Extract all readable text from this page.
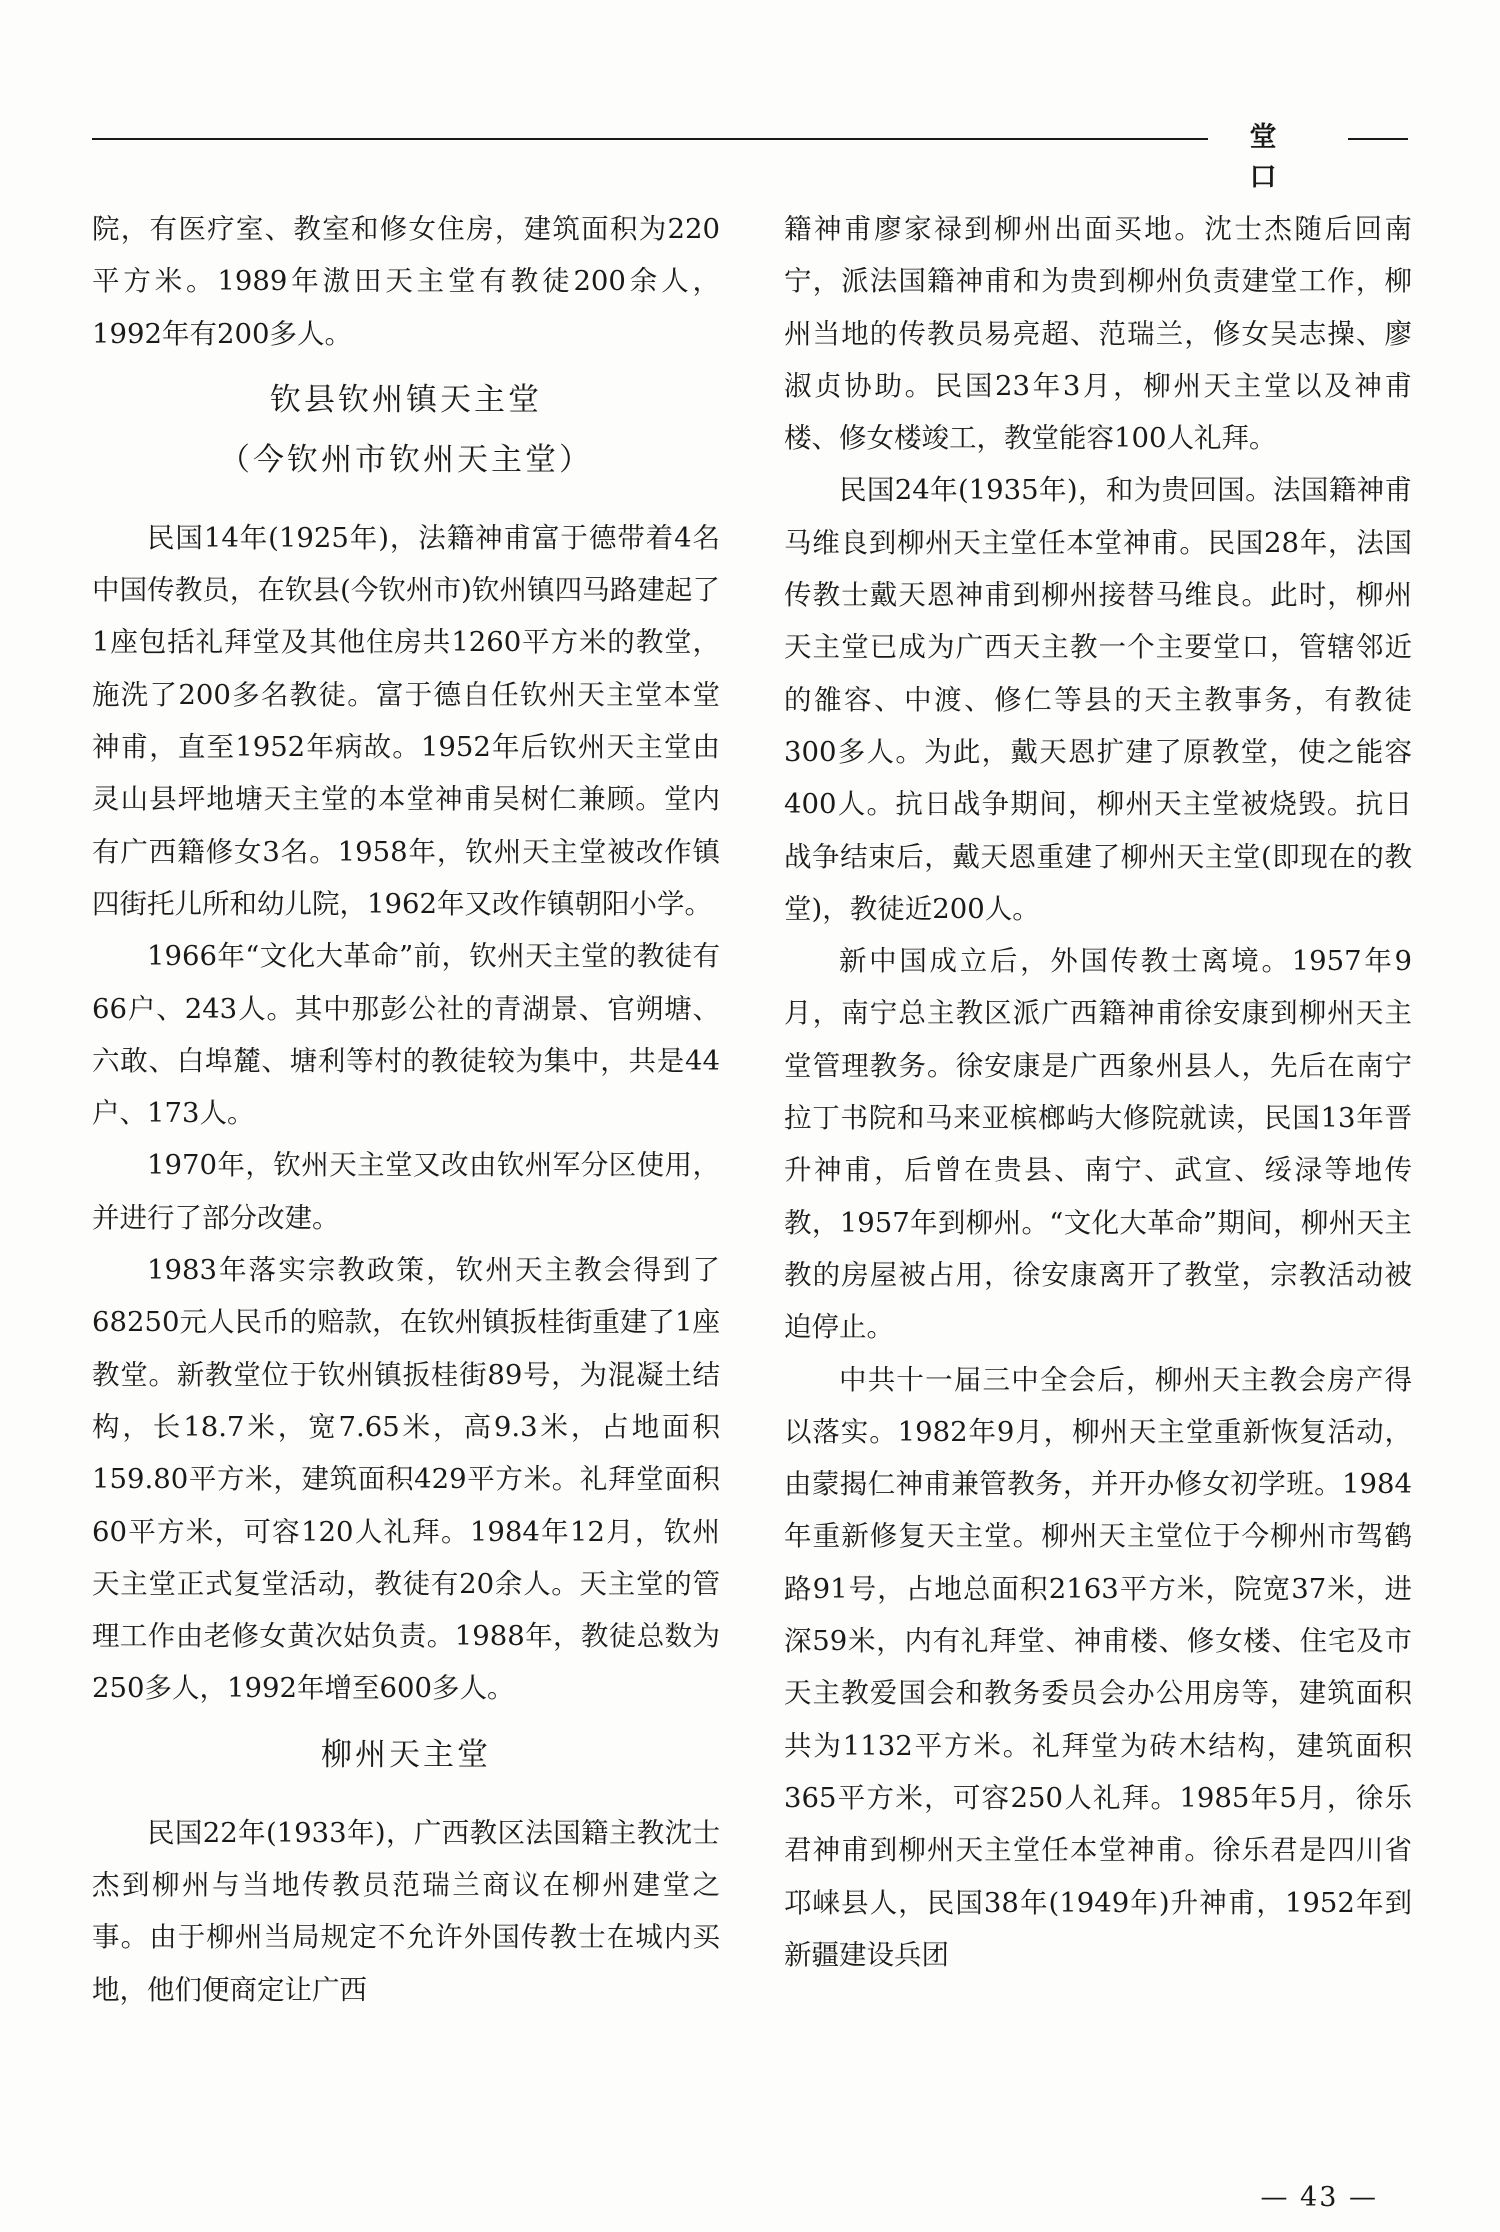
堂 口

院，有医疗室、教室和修女住房，建筑面积为220平方米。1989年滶田天主堂有教徒200余人，1992年有200多人。

钦县钦州镇天主堂
（今钦州市钦州天主堂）

民国14年(1925年)，法籍神甫富于德带着4名中国传教员，在钦县(今钦州市)钦州镇四马路建起了1座包括礼拜堂及其他住房共1260平方米的教堂，施洗了200多名教徒。富于德自任钦州天主堂本堂神甫，直至1952年病故。1952年后钦州天主堂由灵山县坪地塘天主堂的本堂神甫吴树仁兼顾。堂内有广西籍修女3名。1958年，钦州天主堂被改作镇四街托儿所和幼儿院，1962年又改作镇朝阳小学。

1966年“文化大革命”前，钦州天主堂的教徒有66户、243人。其中那彭公社的青湖景、官朔塘、六敢、白埠麓、塘利等村的教徒较为集中，共是44户、173人。

1970年，钦州天主堂又改由钦州军分区使用，并进行了部分改建。

1983年落实宗教政策，钦州天主教会得到了68250元人民币的赔款，在钦州镇扳桂街重建了1座教堂。新教堂位于钦州镇扳桂街89号，为混凝土结构，长18.7米，宽7.65米，高9.3米，占地面积159.80平方米，建筑面积429平方米。礼拜堂面积60平方米，可容120人礼拜。1984年12月，钦州天主堂正式复堂活动，教徒有20余人。天主堂的管理工作由老修女黄次姑负责。1988年，教徒总数为250多人，1992年增至600多人。

柳州天主堂

民国22年(1933年)，广西教区法国籍主教沈士杰到柳州与当地传教员范瑞兰商议在柳州建堂之事。由于柳州当局规定不允许外国传教士在城内买地，他们便商定让广西

籍神甫廖家禄到柳州出面买地。沈士杰随后回南宁，派法国籍神甫和为贵到柳州负责建堂工作，柳州当地的传教员易亮超、范瑞兰，修女吴志操、廖淑贞协助。民国23年3月，柳州天主堂以及神甫楼、修女楼竣工，教堂能容100人礼拜。

民国24年(1935年)，和为贵回国。法国籍神甫马维良到柳州天主堂任本堂神甫。民国28年，法国传教士戴天恩神甫到柳州接替马维良。此时，柳州天主堂已成为广西天主教一个主要堂口，管辖邻近的雒容、中渡、修仁等县的天主教事务，有教徒300多人。为此，戴天恩扩建了原教堂，使之能容400人。抗日战争期间，柳州天主堂被烧毁。抗日战争结束后，戴天恩重建了柳州天主堂(即现在的教堂)，教徒近200人。

新中国成立后，外国传教士离境。1957年9月，南宁总主教区派广西籍神甫徐安康到柳州天主堂管理教务。徐安康是广西象州县人，先后在南宁拉丁书院和马来亚槟榔屿大修院就读，民国13年晋升神甫，后曾在贵县、南宁、武宣、绥渌等地传教，1957年到柳州。“文化大革命”期间，柳州天主教的房屋被占用，徐安康离开了教堂，宗教活动被迫停止。

中共十一届三中全会后，柳州天主教会房产得以落实。1982年9月，柳州天主堂重新恢复活动，由蒙揭仁神甫兼管教务，并开办修女初学班。1984年重新修复天主堂。柳州天主堂位于今柳州市驾鹤路91号，占地总面积2163平方米，院宽37米，进深59米，内有礼拜堂、神甫楼、修女楼、住宅及市天主教爱国会和教务委员会办公用房等，建筑面积共为1132平方米。礼拜堂为砖木结构，建筑面积365平方米，可容250人礼拜。1985年5月，徐乐君神甫到柳州天主堂任本堂神甫。徐乐君是四川省邛崃县人，民国38年(1949年)升神甫，1952年到新疆建设兵团

— 43 —
